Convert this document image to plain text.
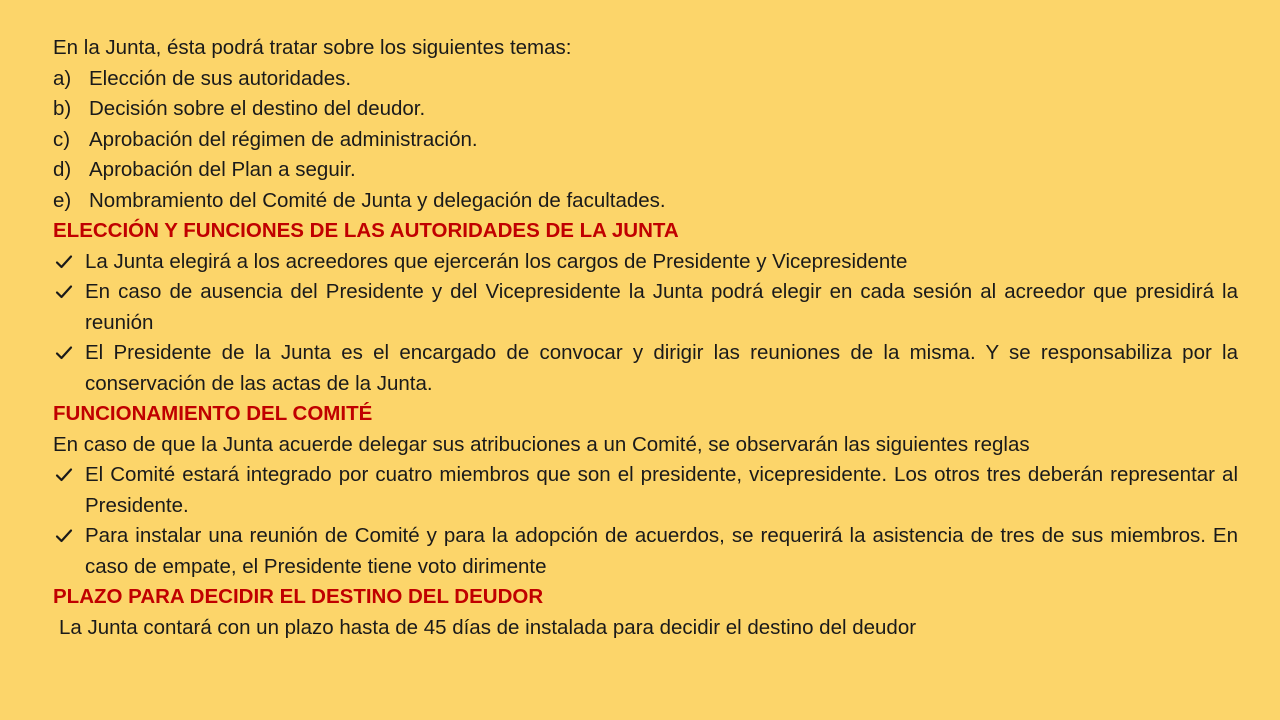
En la Junta, ésta podrá tratar sobre los siguientes temas:

a) Elección de sus autoridades.
b) Decisión sobre el destino del deudor.
c) Aprobación del régimen de administración.
d) Aprobación del Plan a seguir.
e) Nombramiento del Comité de Junta y delegación de facultades.

ELECCIÓN Y FUNCIONES DE LAS AUTORIDADES DE LA JUNTA

La Junta elegirá a los acreedores que ejercerán los cargos de Presidente y Vicepresidente
En caso de ausencia del Presidente y del Vicepresidente la Junta podrá elegir en cada sesión al acreedor que presidirá la reunión
El Presidente de la Junta es el encargado de convocar y dirigir las reuniones de la misma. Y se responsabiliza por la conservación de las actas de la Junta.

FUNCIONAMIENTO DEL COMITÉ

En caso de que la Junta acuerde delegar sus atribuciones a un Comité, se observarán las siguientes reglas

El Comité estará integrado por cuatro miembros que son el presidente, vicepresidente. Los otros tres deberán representar al Presidente.
Para instalar una reunión de Comité y para la adopción de acuerdos, se requerirá la asistencia de tres de sus miembros. En caso de empate, el Presidente tiene voto dirimente

PLAZO PARA DECIDIR EL DESTINO DEL DEUDOR

La Junta contará con un plazo hasta de 45 días de instalada para decidir el destino del deudor
